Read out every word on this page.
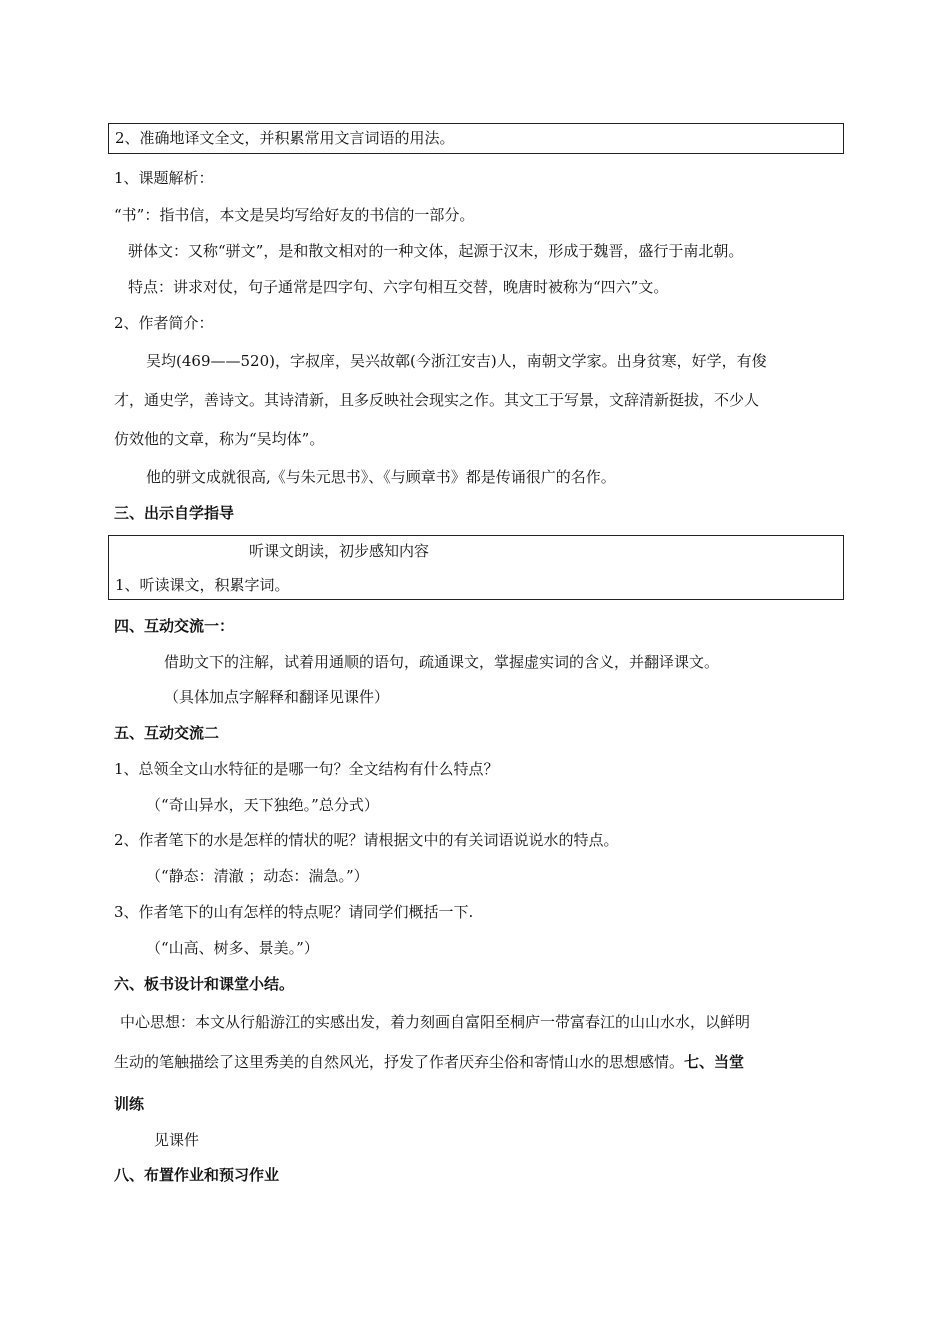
2、准确地译文全文，并积累常用文言词语的用法。
1、课题解析：
“书”：指书信，本文是吴均写给好友的书信的一部分。
骈体文：又称“骈文”，是和散文相对的一种文体，起源于汉末，形成于魏晋，盛行于南北朝。
特点：讲求对仗，句子通常是四字句、六字句相互交替，晚唐时被称为“四六”文。
2、作者简介：
吴均(469——520)，字叔庠，吴兴故鄣(今浙江安吉)人，南朝文学家。出身贫寒，好学，有俊
才，通史学，善诗文。其诗清新，且多反映社会现实之作。其文工于写景，文辞清新挺拔，不少人
仿效他的文章，称为“吴均体”。
他的骈文成就很高,《与朱元思书》、《与顾章书》都是传诵很广的名作。
三、出示自学指导
听课文朗读，初步感知内容
1、听读课文，积累字词。
四、互动交流一：
借助文下的注解，试着用通顺的语句，疏通课文，掌握虚实词的含义，并翻译课文。
（具体加点字解释和翻译见课件）
五、互动交流二
1、总领全文山水特征的是哪一句？全文结构有什么特点？
（“奇山异水，天下独绝。”总分式）
2、作者笔下的水是怎样的情状的呢？请根据文中的有关词语说说水的特点。
（“静态：清澈 ；动态：湍急。”）
3、作者笔下的山有怎样的特点呢？请同学们概括一下.
（“山高、树多、景美。”）
六、板书设计和课堂小结。
中心思想：本文从行船游江的实感出发，着力刻画自富阳至桐庐一带富春江的山山水水，以鲜明
生动的笔触描绘了这里秀美的自然风光，抒发了作者厌弃尘俗和寄情山水的思想感情。七、当堂
训练
见课件
八、布置作业和预习作业
